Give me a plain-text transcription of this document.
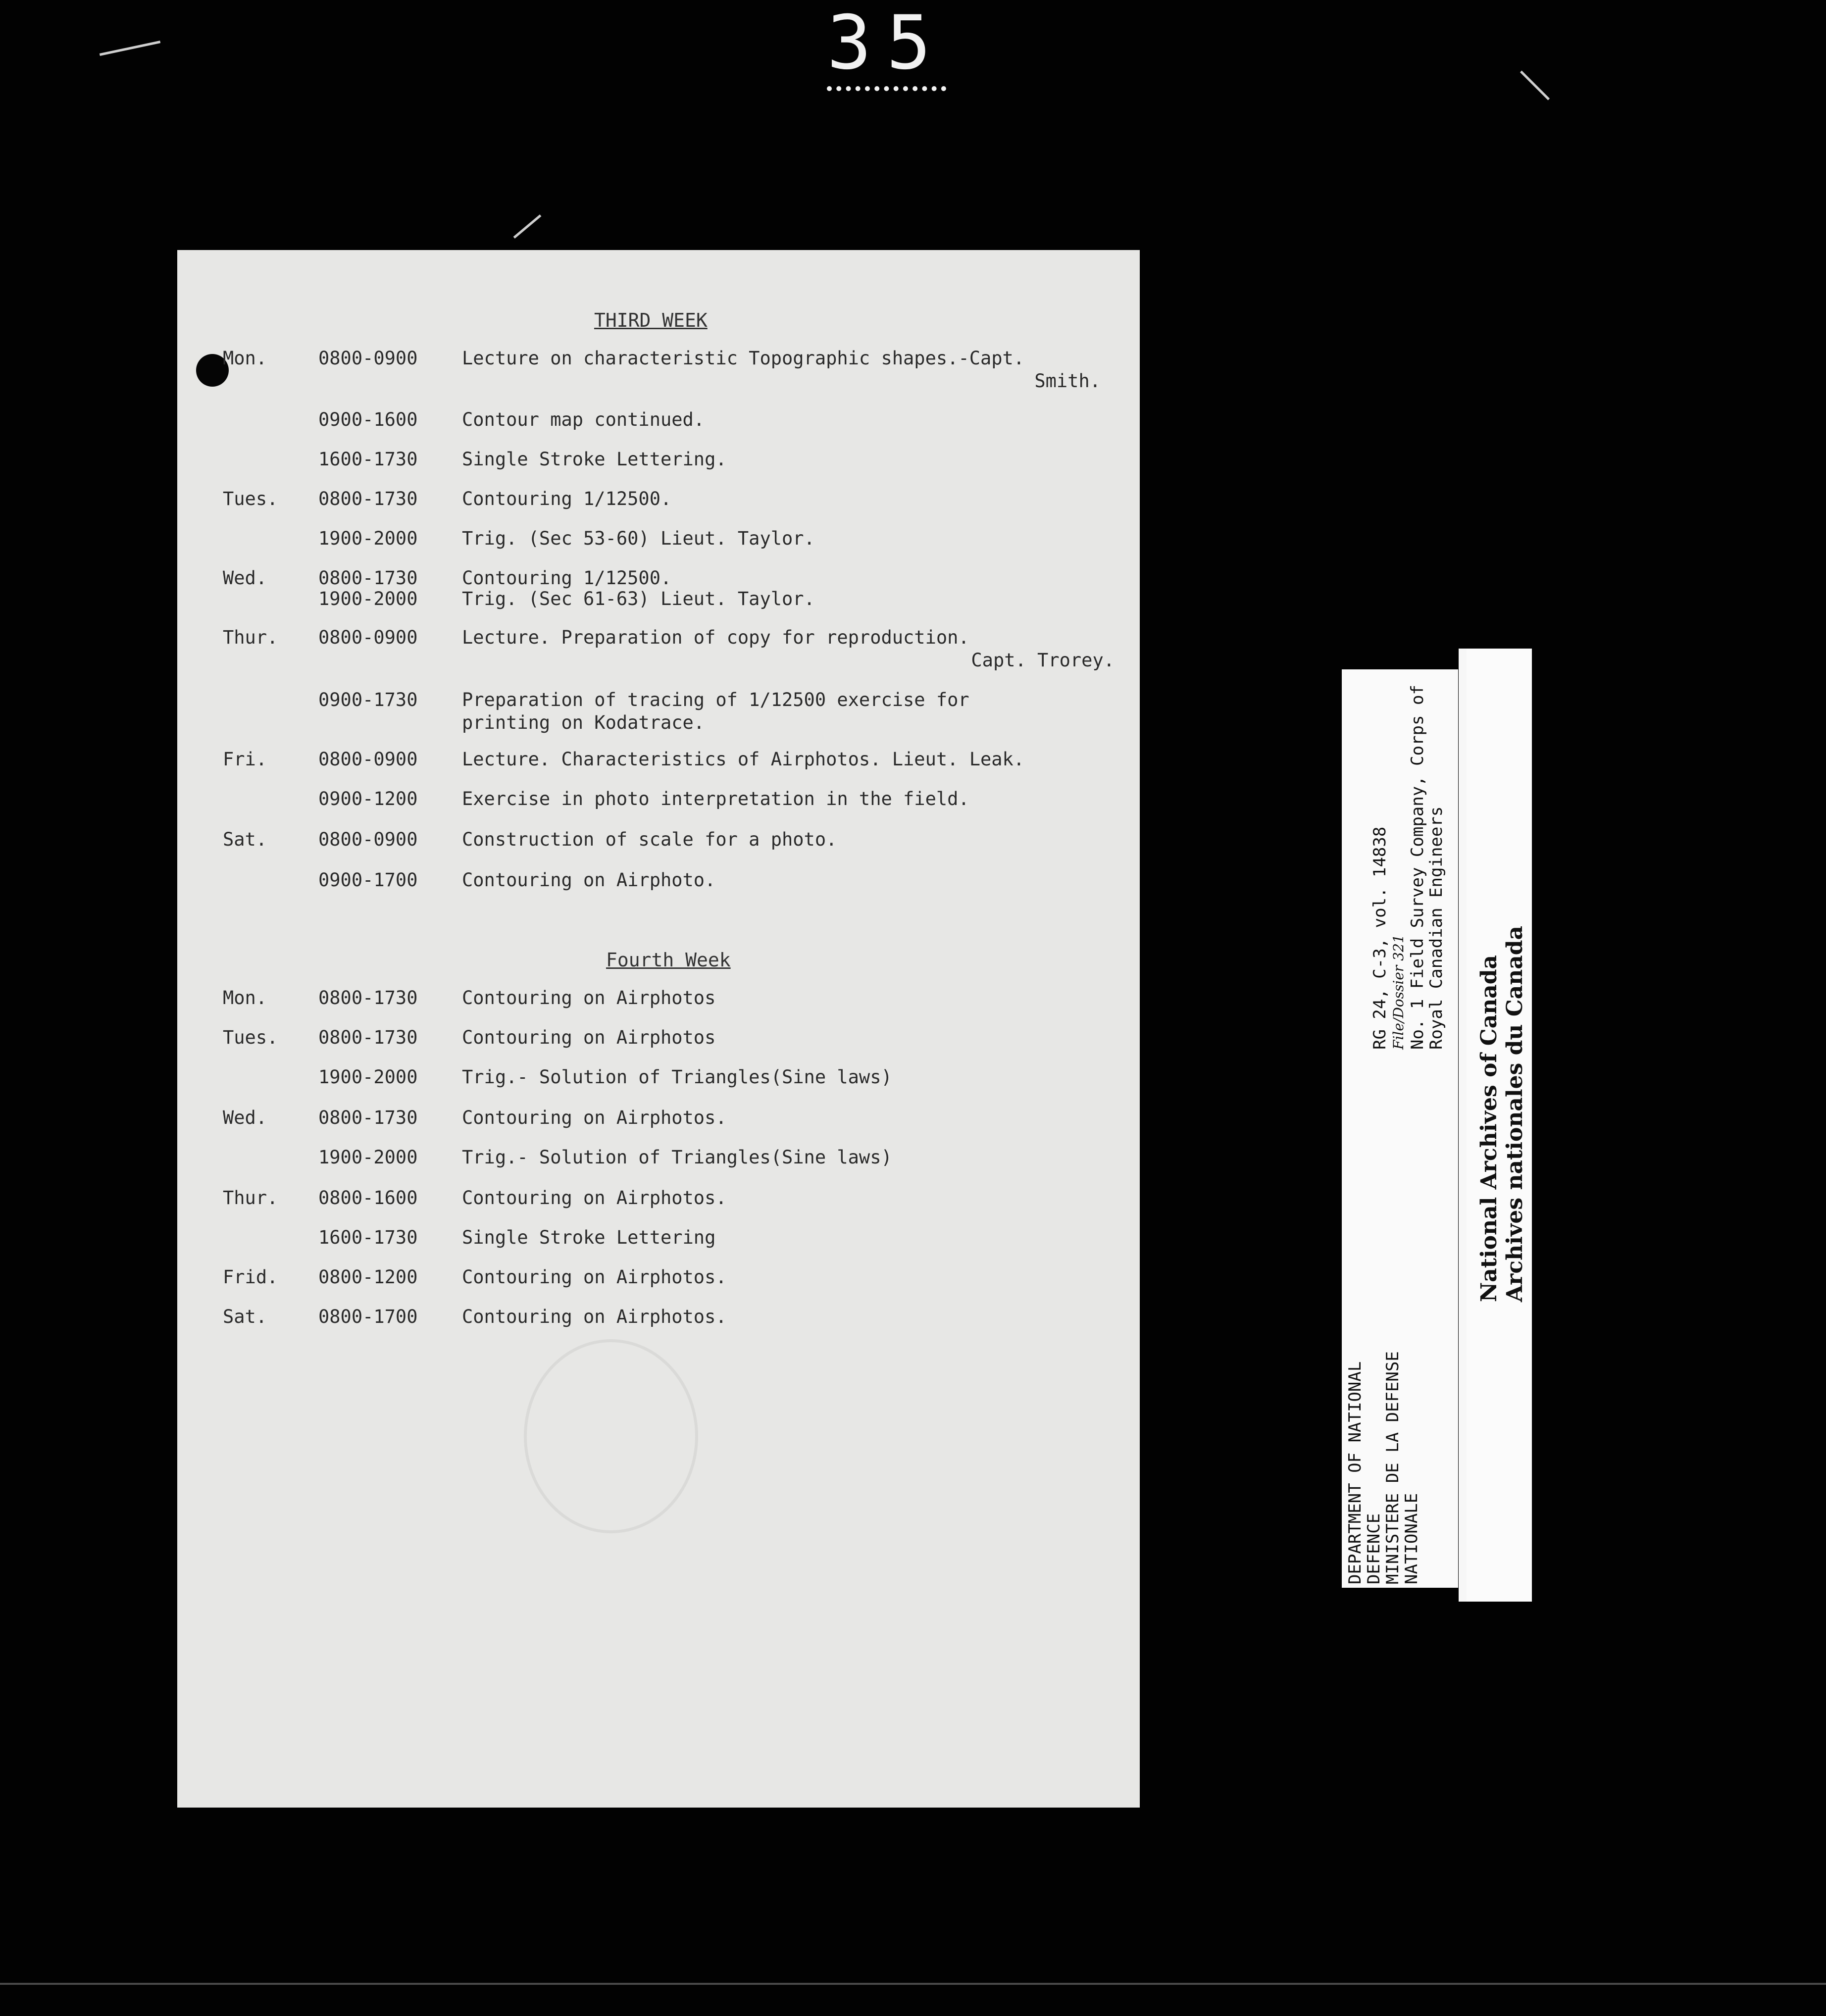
35
THIRD WEEK
Mon.	0800-0900 Lecture on characteristic Topographic shapes.-Capt.
Smith.
0900-1600 Contour map continued.
1600-1730 Single Stroke Lettering.
Tues. 0800-1730 Contouring 1/12500.
1900-2000 Trig. (Sec 53-60) Lieut. Taylor.
Wed.	0800-1730 Contouring 1/12500.
1900-2000 Trig. (Sec 61-63) Lieut. Taylor.
Thur. 0800-0900 Lecture. Preparation of copy for reproduction.
Capt. Trorey.
0900-1730 Preparation of tracing of 1/12500 exercise for
printing on Kodatrace.
Fri.	0800-0900 Lecture. Characteristics of Airphotos. Lieut. Leak.
0900-1200 Exercise in photo interpretation in the field.
Sat.	0800-0900 Construction of scale for a photo.
0900-1700 Contouring on Airphoto.
Fourth Week
Mon.	0800-1730 Contouring on Airphotos
Tues. 0800-1730 Contouring on Airphotos
1900-2000 Trig.- Solution of Triangles(Sine laws)
Wed.	0800-1730 Contouring on Airphotos.
1900-2000 Trig.- Solution of Triangles(Sine laws)
Thur. 0800-1600 Contouring on Airphotos.
1600-1730 Single Stroke Lettering
Frid. 0800-1200 Contouring on Airphotos.
Sat.	0800-1700 Contouring on Airphotos.
DEPARTMENT OF NATIONAL
DEFENCE
MINISTERE DE LA DEFENSE
NATIONALE
RG 24, C-3, vol. 14838 File/Dossier 321 No. 1 Field Survey Company, Corps of
Royal Canadian Engineers
National Archives of Canada Archives nationales du Canada
